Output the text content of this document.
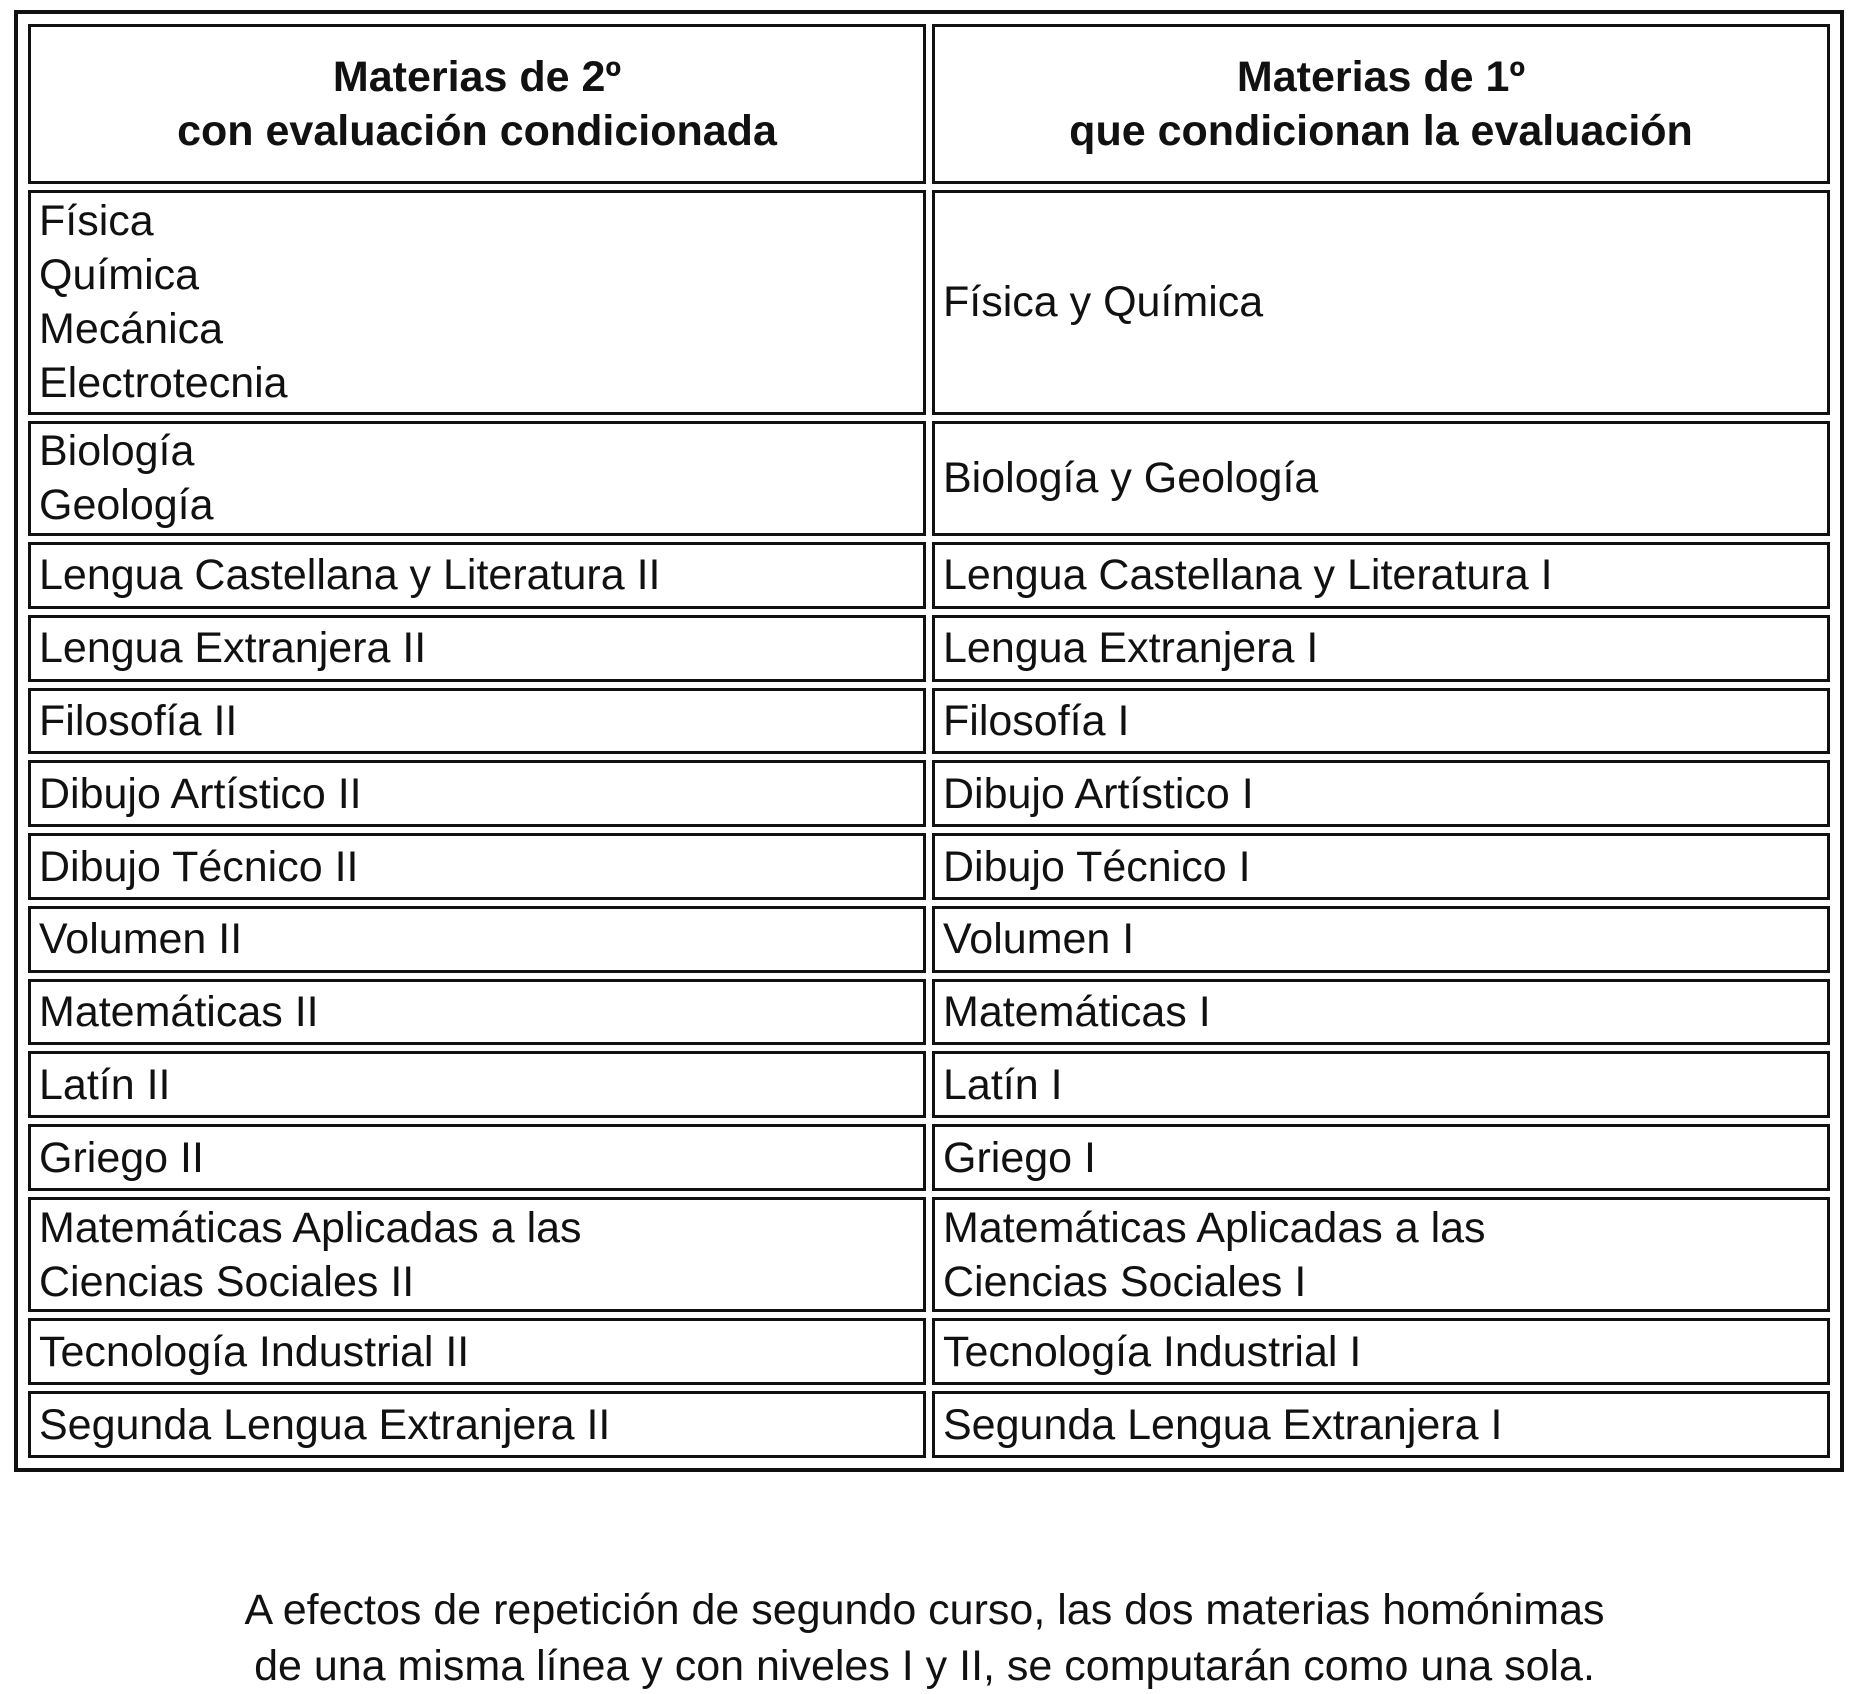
Materias de 2º
con evaluación condicionada	Materias de 1º
que condicionan la evaluación

Física
Química
Mecánica
Electrotecnia	Física y Química
Biología
Geología	Biología y Geología
Lengua Castellana y Literatura II	Lengua Castellana y Literatura I
Lengua Extranjera II	Lengua Extranjera I
Filosofía II	Filosofía I
Dibujo Artístico II	Dibujo Artístico I
Dibujo Técnico II	Dibujo Técnico I
Volumen II	Volumen I
Matemáticas II	Matemáticas I
Latín II	Latín I
Griego II	Griego I
Matemáticas Aplicadas a las
Ciencias Sociales II	Matemáticas Aplicadas a las
Ciencias Sociales I
Tecnología Industrial II	Tecnología Industrial I
Segunda Lengua Extranjera II	Segunda Lengua Extranjera I
A efectos de repetición de segundo curso, las dos materias homónimas
de una misma línea y con niveles I y II, se computarán como una sola.
